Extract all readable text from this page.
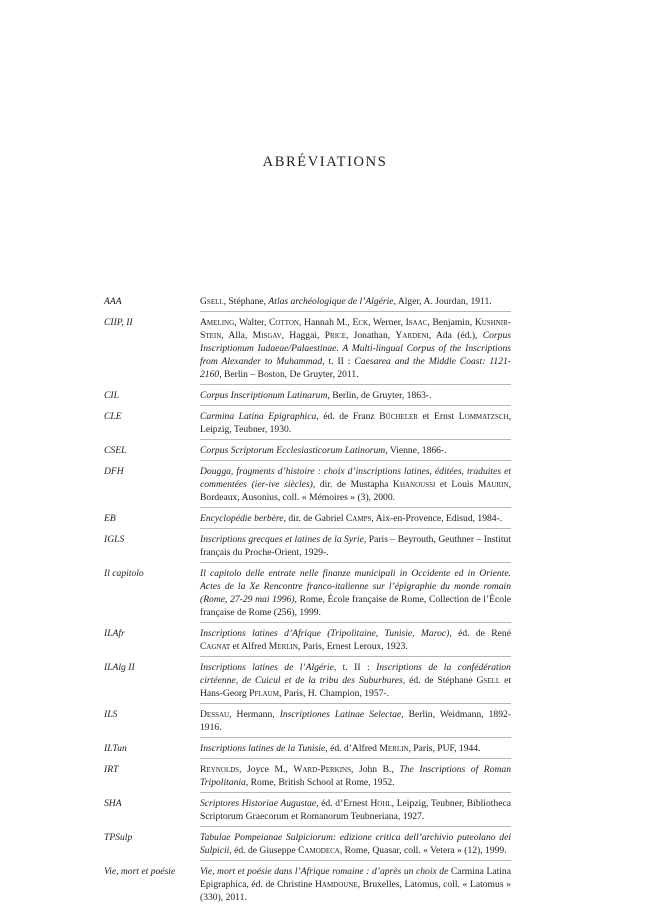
ABRÉVIATIONS
AAA	Gsell, Stéphane, Atlas archéologique de l’Algérie, Alger, A. Jourdan, 1911.
CIIP, II	Ameling, Walter, Cotton, Hannah M., Eck, Werner, Isaac, Benjamin, Kushnir-Stein, Alla, Misgav, Haggai, Price, Jonathan, Yardeni, Ada (éd.), Corpus Inscriptionum Iudaeae/Palaestinae. A Multi-lingual Corpus of the Inscriptions from Alexander to Muhammad, t. II : Caesarea and the Middle Coast: 1121-2160, Berlin – Boston, De Gruyter, 2011.
CIL	Corpus Inscriptionum Latinarum, Berlin, de Gruyter, 1863-.
CLE	Carmina Latina Epigraphica, éd. de Franz Bücheler et Ernst Lommatzsch, Leipzig, Teubner, 1930.
CSEL	Corpus Scriptorum Ecclesiasticorum Latinorum, Vienne, 1866-.
DFH	Dougga, fragments d’histoire : choix d’inscriptions latines, éditées, traduites et commentées (ier-ive siècles), dir. de Mustapha Khanoussi et Louis Maurin, Bordeaux, Ausonius, coll. « Mémoires » (3), 2000.
EB	Encyclopédie berbère, dir. de Gabriel Camps, Aix-en-Provence, Edisud, 1984-.
IGLS	Inscriptions grecques et latines de la Syrie, Paris – Beyrouth, Geuthner – Institut français du Proche-Orient, 1929-.
Il capitolo	Il capitolo delle entrate nelle finanze municipali in Occidente ed in Oriente. Actes de la Xe Rencontre franco-italienne sur l’épigraphie du monde romain (Rome, 27-29 mai 1996), Rome, École française de Rome, Collection de l’École française de Rome (256), 1999.
ILAfr	Inscriptions latines d’Afrique (Tripolitaine, Tunisie, Maroc), éd. de René Cagnat et Alfred Merlin, Paris, Ernest Leroux, 1923.
ILAlg II	Inscriptions latines de l’Algérie, t. II : Inscriptions de la confédération cirtéenne, de Cuicul et de la tribu des Suburbures, éd. de Stéphane Gsell et Hans-Georg Pflaum, Paris, H. Champion, 1957-.
ILS	Dessau, Hermann, Inscriptiones Latinae Selectae, Berlin, Weidmann, 1892-1916.
ILTun	Inscriptions latines de la Tunisie, éd. d’Alfred Merlin, Paris, PUF, 1944.
IRT	Reynolds, Joyce M., Ward-Perkins, John B., The Inscriptions of Roman Tripolitania, Rome, British School at Rome, 1952.
SHA	Scriptores Historiae Augustae, éd. d’Ernest Hohl, Leipzig, Teubner, Bibliotheca Scriptorum Graecorum et Romanorum Teubneriana, 1927.
TPSulp	Tabulae Pompeianae Sulpiciorum: edizione critica dell’archivio puteolano dei Sulpicii, éd. de Giuseppe Camodeca, Rome, Quasar, coll. « Vetera » (12), 1999.
Vie, mort et poésie	Vie, mort et poésie dans l’Afrique romaine : d’après un choix de Carmina Latina Epigraphica, éd. de Christine Hamdoune, Bruxelles, Latomus, coll. « Latomus » (330), 2011.
